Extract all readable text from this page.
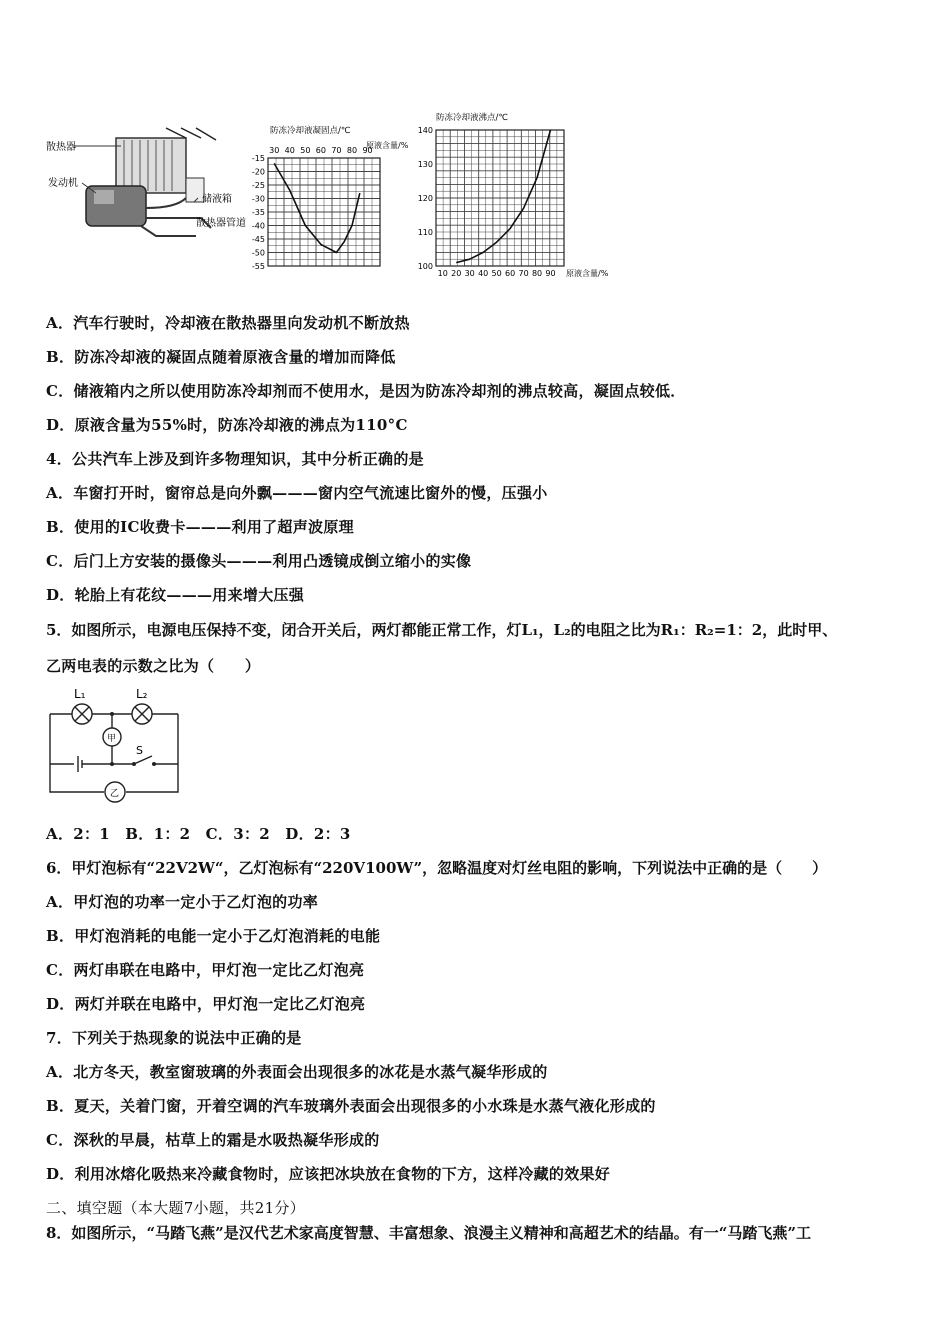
散热器
发动机
储液箱
散热器管道
30 40 50 60 70 80 90
-15
-20
-25
-30
-35
-40
-45
-50
-55
防冻冷却液凝固点/℃
原液含量/%
10 20 30 40 50 60 70 80 90
100
110
120
130
140
防冻冷却液沸点/℃
原液含量/%
A．汽车行驶时，冷却液在散热器里向发动机不断放热
B．防冻冷却液的凝固点随着原液含量的增加而降低
C．储液箱内之所以使用防冻冷却剂而不使用水，是因为防冻冷却剂的沸点较高，凝固点较低．
D．原液含量为55%时，防冻冷却液的沸点为110°C
4．公共汽车上涉及到许多物理知识，其中分析正确的是
A．车窗打开时，窗帘总是向外飘———窗内空气流速比窗外的慢，压强小
B．使用的IC收费卡———利用了超声波原理
C．后门上方安装的摄像头———利用凸透镜成倒立缩小的实像
D．轮胎上有花纹———用来增大压强
5．如图所示，电源电压保持不变，闭合开关后，两灯都能正常工作，灯L₁，L₂的电阻之比为R₁：R₂=1：2，此时甲、
乙两电表的示数之比为（　　）
L₁	L₂
甲
乙
S
A．2：1　B．1：2　C．3：2　D．2：3
6．甲灯泡标有“22V2W“，乙灯泡标有“220V100W”，忽略温度对灯丝电阻的影响，下列说法中正确的是（　　）
A．甲灯泡的功率一定小于乙灯泡的功率
B．甲灯泡消耗的电能一定小于乙灯泡消耗的电能
C．两灯串联在电路中，甲灯泡一定比乙灯泡亮
D．两灯并联在电路中，甲灯泡一定比乙灯泡亮
7．下列关于热现象的说法中正确的是
A．北方冬天，教室窗玻璃的外表面会出现很多的冰花是水蒸气凝华形成的
B．夏天，关着门窗，开着空调的汽车玻璃外表面会出现很多的小水珠是水蒸气液化形成的
C．深秋的早晨，枯草上的霜是水吸热凝华形成的
D．利用冰熔化吸热来冷藏食物时，应该把冰块放在食物的下方，这样冷藏的效果好
二、填空题（本大题7小题，共21分）
8．如图所示，“马踏飞燕”是汉代艺术家高度智慧、丰富想象、浪漫主义精神和高超艺术的结晶。有一“马踏飞燕”工
